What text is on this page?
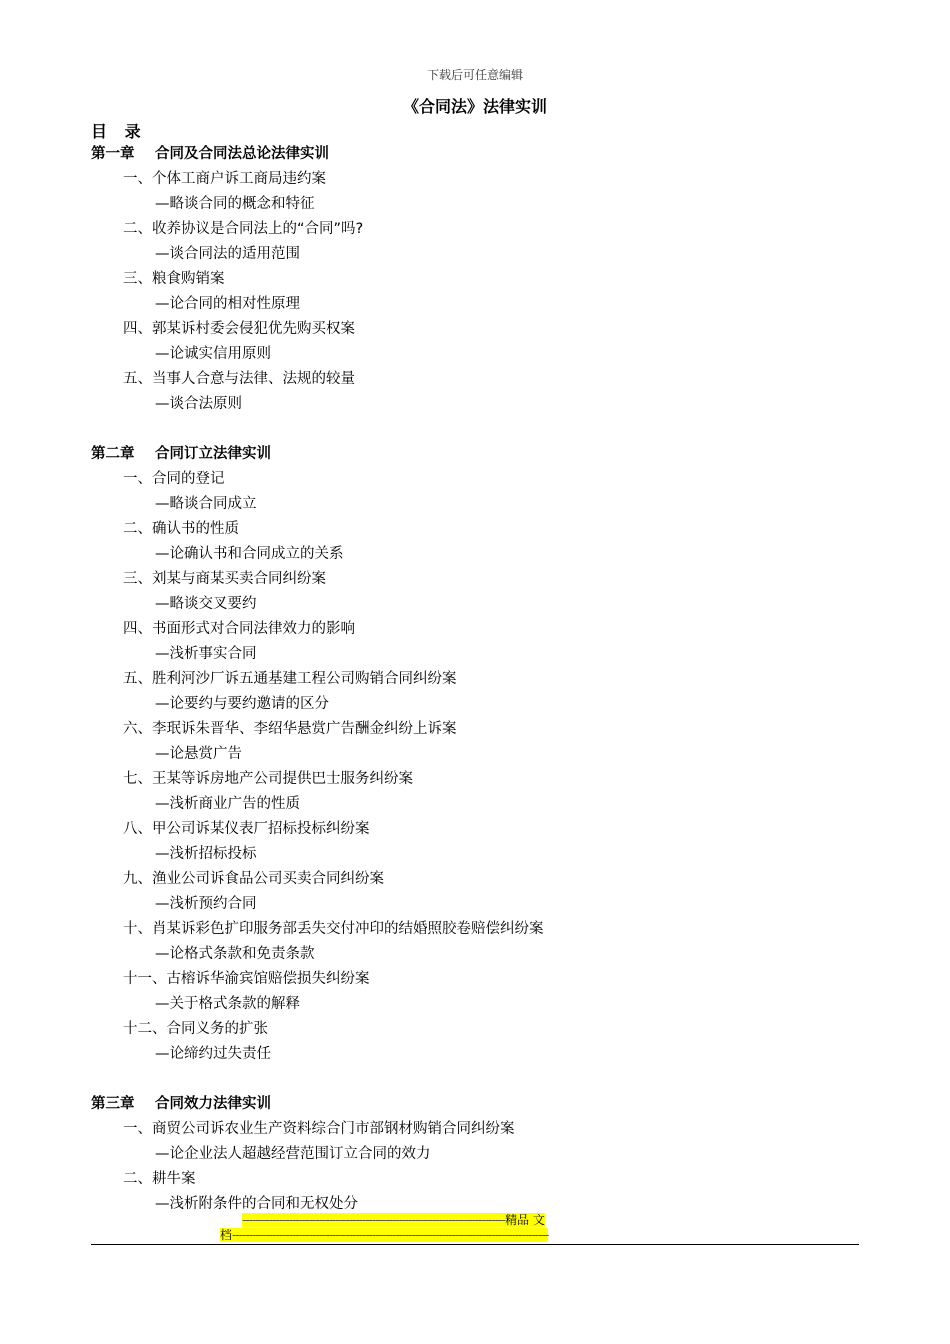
下载后可任意编辑
《合同法》法律实训
目 录
第一章 合同及合同法总论法律实训
一、个体工商户诉工商局违约案
—略谈合同的概念和特征
二、收养协议是合同法上的“合同”吗?
—谈合同法的适用范围
三、粮食购销案
—论合同的相对性原理
四、郭某诉村委会侵犯优先购买权案
—论诚实信用原则
五、当事人合意与法律、法规的较量
—谈合法原则
第二章 合同订立法律实训
一、合同的登记
—略谈合同成立
二、确认书的性质
—论确认书和合同成立的关系
三、刘某与商某买卖合同纠纷案
—略谈交叉要约
四、书面形式对合同法律效力的影响
—浅析事实合同
五、胜利河沙厂诉五通基建工程公司购销合同纠纷案
—论要约与要约邀请的区分
六、李珉诉朱晋华、李绍华悬赏广告酬金纠纷上诉案
—论悬赏广告
七、王某等诉房地产公司提供巴士服务纠纷案
—浅析商业广告的性质
八、甲公司诉某仪表厂招标投标纠纷案
—浅析招标投标
九、渔业公司诉食品公司买卖合同纠纷案
—浅析预约合同
十、肖某诉彩色扩印服务部丢失交付冲印的结婚照胶卷赔偿纠纷案
—论格式条款和免责条款
十一、古榕诉华渝宾馆赔偿损失纠纷案
—关于格式条款的解释
十二、合同义务的扩张
—论缔约过失责任
第三章 合同效力法律实训
一、商贸公司诉农业生产资料综合门市部钢材购销合同纠纷案
—论企业法人超越经营范围订立合同的效力
二、耕牛案
—浅析附条件的合同和无权处分
-------------------------------------------------------------------------------精品 文
档-----------------------------------------------------------------------------------------------
